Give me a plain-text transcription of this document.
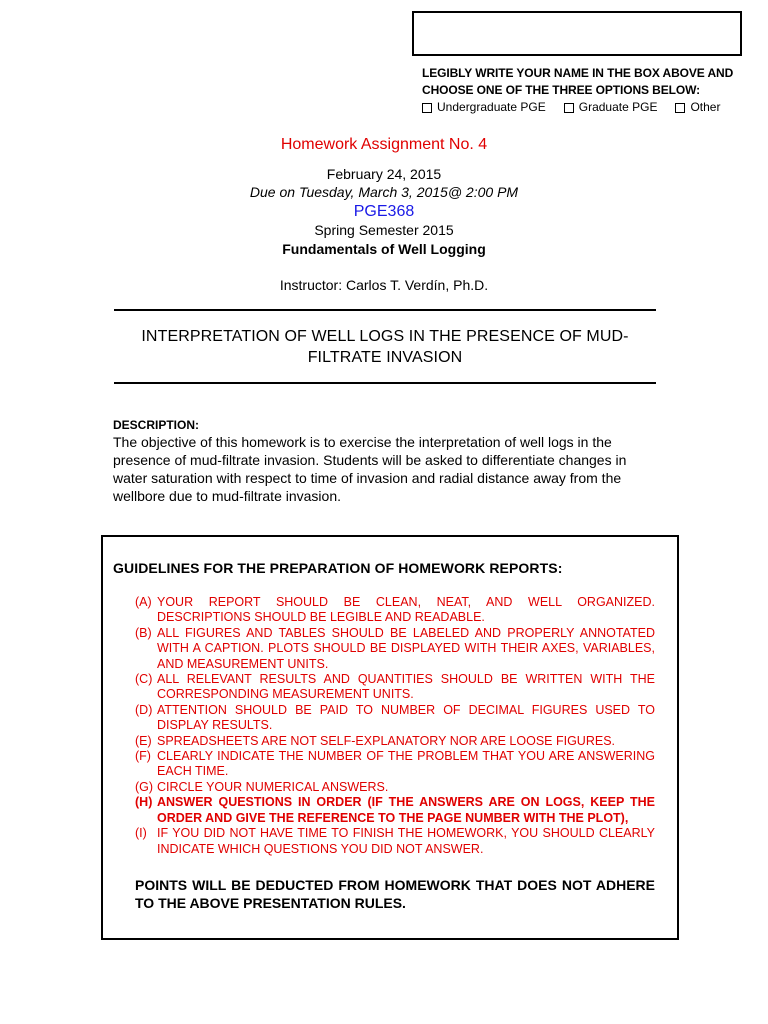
LEGIBLY WRITE YOUR NAME IN THE BOX ABOVE AND
CHOOSE ONE OF THE THREE OPTIONS BELOW:
Undergraduate PGE	Graduate PGE	Other
Homework Assignment No. 4
February 24, 2015
Due on Tuesday, March 3, 2015@ 2:00 PM
PGE368
Spring Semester 2015
Fundamentals of Well Logging
Instructor: Carlos T. Verdín, Ph.D.
INTERPRETATION OF WELL LOGS IN THE PRESENCE OF MUD-
FILTRATE INVASION
DESCRIPTION:
The objective of this homework is to exercise the interpretation of well logs in the presence of mud-filtrate invasion. Students will be asked to differentiate changes in water saturation with respect to time of invasion and radial distance away from the wellbore due to mud-filtrate invasion.
GUIDELINES FOR THE PREPARATION OF HOMEWORK REPORTS:
(A) YOUR REPORT SHOULD BE CLEAN, NEAT, AND WELL ORGANIZED. DESCRIPTIONS SHOULD BE LEGIBLE AND READABLE.
(B) ALL FIGURES AND TABLES SHOULD BE LABELED AND PROPERLY ANNOTATED WITH A CAPTION. PLOTS SHOULD BE DISPLAYED WITH THEIR AXES, VARIABLES, AND MEASUREMENT UNITS.
(C) ALL RELEVANT RESULTS AND QUANTITIES SHOULD BE WRITTEN WITH THE CORRESPONDING MEASUREMENT UNITS.
(D) ATTENTION SHOULD BE PAID TO NUMBER OF DECIMAL FIGURES USED TO DISPLAY RESULTS.
(E) SPREADSHEETS ARE NOT SELF-EXPLANATORY NOR ARE LOOSE FIGURES.
(F) CLEARLY INDICATE THE NUMBER OF THE PROBLEM THAT YOU ARE ANSWERING EACH TIME.
(G) CIRCLE YOUR NUMERICAL ANSWERS.
(H) ANSWER QUESTIONS IN ORDER (IF THE ANSWERS ARE ON LOGS, KEEP THE ORDER AND GIVE THE REFERENCE TO THE PAGE NUMBER WITH THE PLOT),
(I) IF YOU DID NOT HAVE TIME TO FINISH THE HOMEWORK, YOU SHOULD CLEARLY INDICATE WHICH QUESTIONS YOU DID NOT ANSWER.
POINTS WILL BE DEDUCTED FROM HOMEWORK THAT DOES NOT ADHERE TO THE ABOVE PRESENTATION RULES.
